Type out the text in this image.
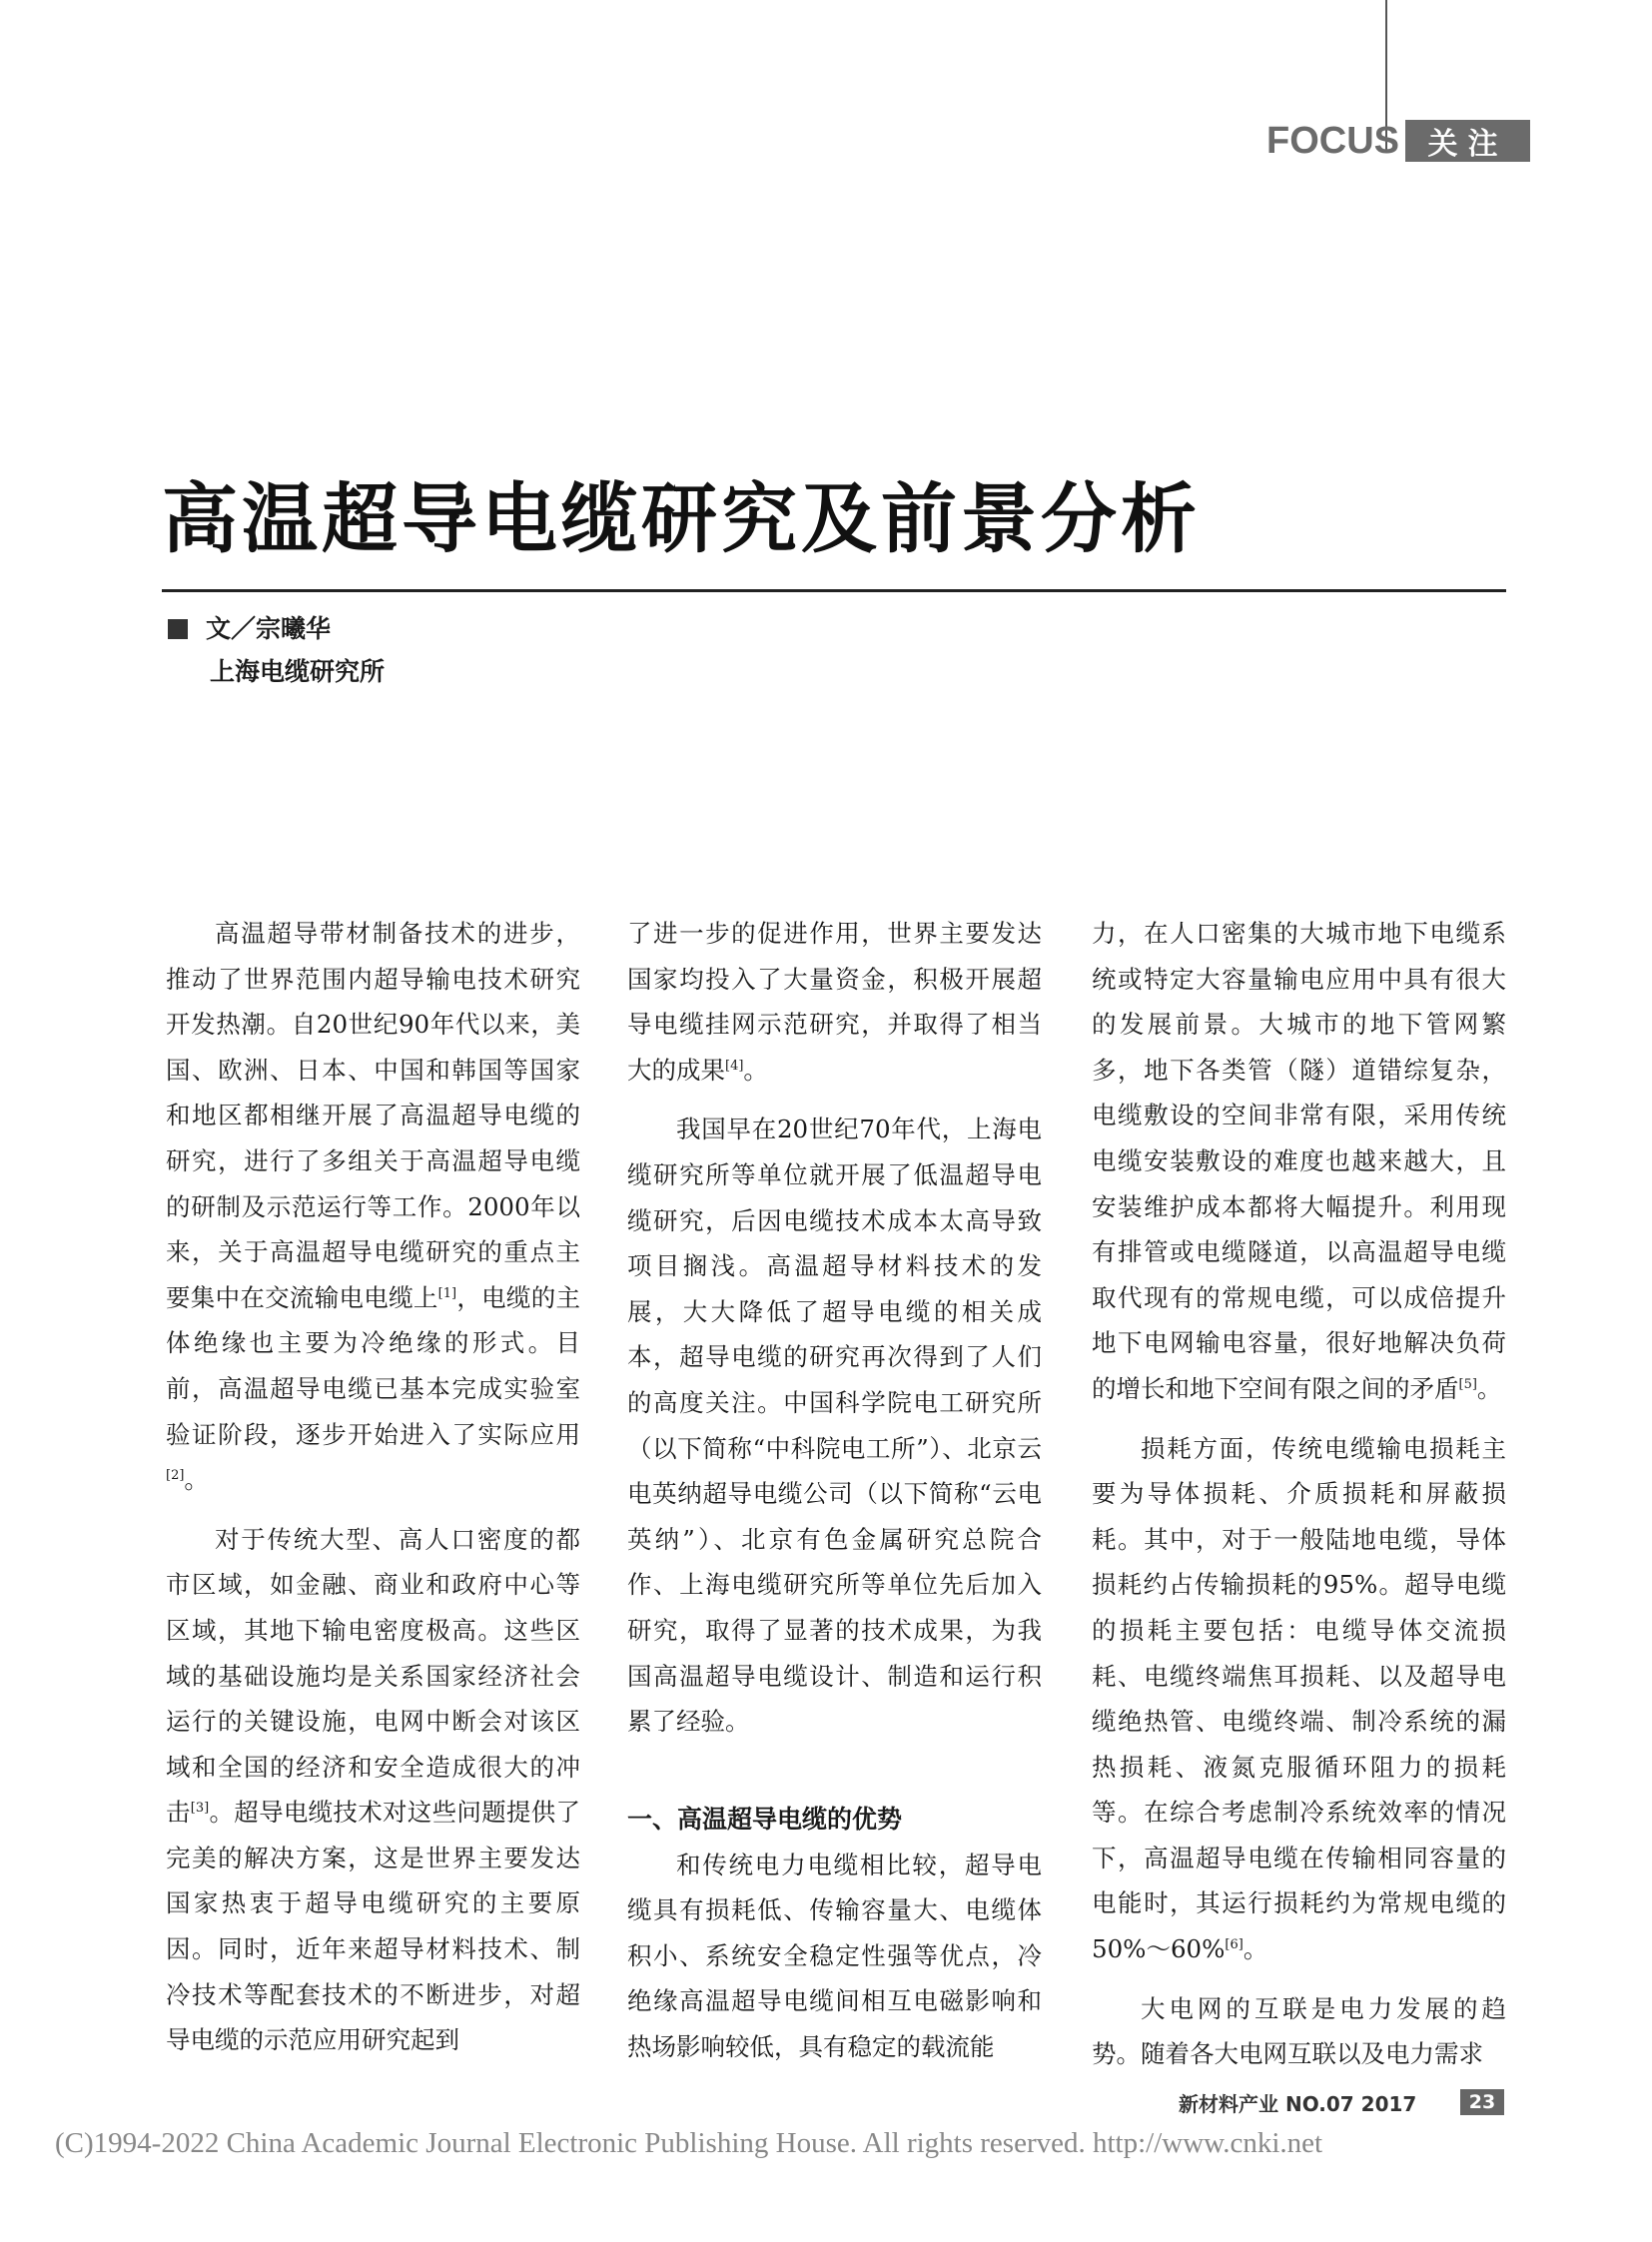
FOCUS 关注
高温超导电缆研究及前景分析
文／宗曦华
上海电缆研究所

高温超导带材制备技术的进步，推动了世界范围内超导输电技术研究开发热潮。自20世纪90年代以来，美国、欧洲、日本、中国和韩国等国家和地区都相继开展了高温超导电缆的研究，进行了多组关于高温超导电缆的研制及示范运行等工作。2000年以来，关于高温超导电缆研究的重点主要集中在交流输电电缆上[1]，电缆的主体绝缘也主要为冷绝缘的形式。目前，高温超导电缆已基本完成实验室验证阶段，逐步开始进入了实际应用[2]。

对于传统大型、高人口密度的都市区域，如金融、商业和政府中心等区域，其地下输电密度极高。这些区域的基础设施均是关系国家经济社会运行的关键设施，电网中断会对该区域和全国的经济和安全造成很大的冲击[3]。超导电缆技术对这些问题提供了完美的解决方案，这是世界主要发达国家热衷于超导电缆研究的主要原因。同时，近年来超导材料技术、制冷技术等配套技术的不断进步，对超导电缆的示范应用研究起到

了进一步的促进作用，世界主要发达国家均投入了大量资金，积极开展超导电缆挂网示范研究，并取得了相当大的成果[4]。

我国早在20世纪70年代，上海电缆研究所等单位就开展了低温超导电缆研究，后因电缆技术成本太高导致项目搁浅。高温超导材料技术的发展，大大降低了超导电缆的相关成本，超导电缆的研究再次得到了人们的高度关注。中国科学院电工研究所（以下简称“中科院电工所”）、北京云电英纳超导电缆公司（以下简称“云电英纳”）、北京有色金属研究总院合作、上海电缆研究所等单位先后加入研究，取得了显著的技术成果，为我国高温超导电缆设计、制造和运行积累了经验。

一、高温超导电缆的优势

和传统电力电缆相比较，超导电缆具有损耗低、传输容量大、电缆体积小、系统安全稳定性强等优点，冷绝缘高温超导电缆间相互电磁影响和热场影响较低，具有稳定的载流能

力，在人口密集的大城市地下电缆系统或特定大容量输电应用中具有很大的发展前景。大城市的地下管网繁多，地下各类管（隧）道错综复杂，电缆敷设的空间非常有限，采用传统电缆安装敷设的难度也越来越大，且安装维护成本都将大幅提升。利用现有排管或电缆隧道，以高温超导电缆取代现有的常规电缆，可以成倍提升地下电网输电容量，很好地解决负荷的增长和地下空间有限之间的矛盾[5]。

损耗方面，传统电缆输电损耗主要为导体损耗、介质损耗和屏蔽损耗。其中，对于一般陆地电缆，导体损耗约占传输损耗的95%。超导电缆的损耗主要包括：电缆导体交流损耗、电缆终端焦耳损耗、以及超导电缆绝热管、电缆终端、制冷系统的漏热损耗、液氮克服循环阻力的损耗等。在综合考虑制冷系统效率的情况下，高温超导电缆在传输相同容量的电能时，其运行损耗约为常规电缆的50%～60%[6]。

大电网的互联是电力发展的趋势。随着各大电网互联以及电力需求

新材料产业 NO.07 2017	23
(C)1994-2022 China Academic Journal Electronic Publishing House. All rights reserved. http://www.cnki.net
